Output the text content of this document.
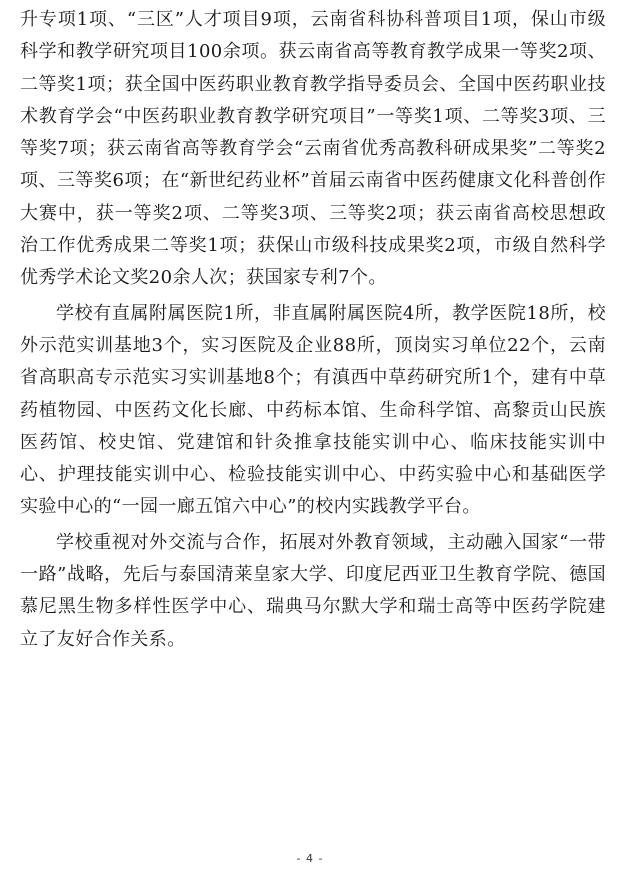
升专项1项、“三区”人才项目9项，云南省科协科普项目1项，保山市级科学和教学研究项目100余项。获云南省高等教育教学成果一等奖2项、二等奖1项；获全国中医药职业教育教学指导委员会、全国中医药职业技术教育学会“中医药职业教育教学研究项目”一等奖1项、二等奖3项、三等奖7项；获云南省高等教育学会“云南省优秀高教科研成果奖”二等奖2项、三等奖6项；在“新世纪药业杯”首届云南省中医药健康文化科普创作大赛中，获一等奖2项、二等奖3项、三等奖2项；获云南省高校思想政治工作优秀成果二等奖1项；获保山市级科技成果奖2项，市级自然科学优秀学术论文奖20余人次；获国家专利7个。

学校有直属附属医院1所，非直属附属医院4所，教学医院18所，校外示范实训基地3个，实习医院及企业88所，顶岗实习单位22个，云南省高职高专示范实习实训基地8个；有滇西中草药研究所1个，建有中草药植物园、中医药文化长廊、中药标本馆、生命科学馆、高黎贡山民族医药馆、校史馆、党建馆和针灸推拿技能实训中心、临床技能实训中心、护理技能实训中心、检验技能实训中心、中药实验中心和基础医学实验中心的“一园一廊五馆六中心”的校内实践教学平台。

学校重视对外交流与合作，拓展对外教育领域，主动融入国家“一带一路”战略，先后与泰国清莱皇家大学、印度尼西亚卫生教育学院、德国慕尼黑生物多样性医学中心、瑞典马尔默大学和瑞士高等中医药学院建立了友好合作关系。

- 4 -
